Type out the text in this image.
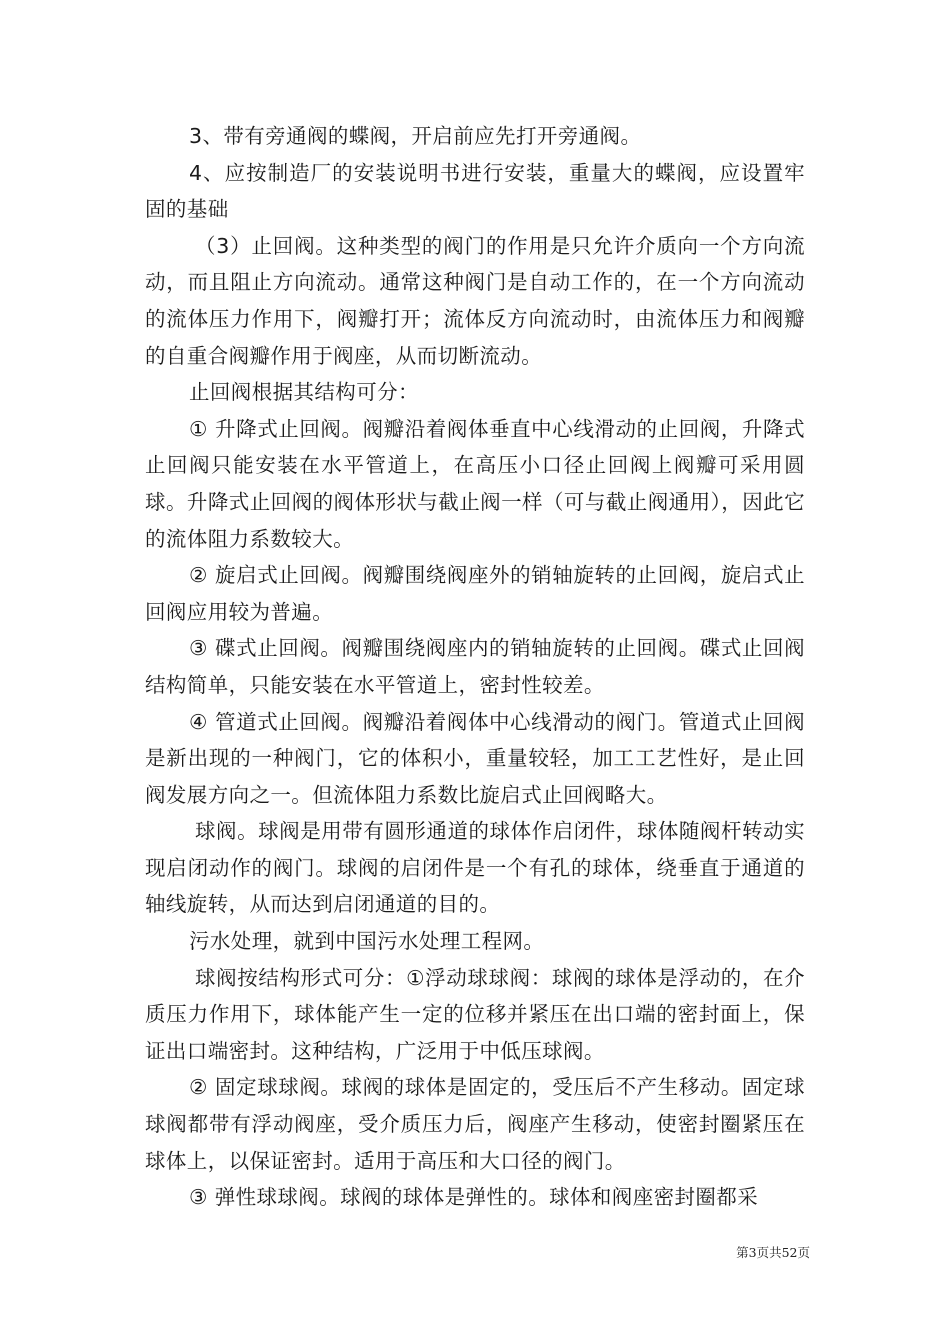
3、带有旁通阀的蝶阀，开启前应先打开旁通阀。

4、应按制造厂的安装说明书进行安装，重量大的蝶阀，应设置牢固的基础

（3）止回阀。这种类型的阀门的作用是只允许介质向一个方向流动，而且阻止方向流动。通常这种阀门是自动工作的，在一个方向流动的流体压力作用下，阀瓣打开；流体反方向流动时，由流体压力和阀瓣的自重合阀瓣作用于阀座，从而切断流动。

止回阀根据其结构可分：

① 升降式止回阀。阀瓣沿着阀体垂直中心线滑动的止回阀，升降式止回阀只能安装在水平管道上，在高压小口径止回阀上阀瓣可采用圆球。升降式止回阀的阀体形状与截止阀一样（可与截止阀通用），因此它的流体阻力系数较大。

② 旋启式止回阀。阀瓣围绕阀座外的销轴旋转的止回阀，旋启式止回阀应用较为普遍。

③ 碟式止回阀。阀瓣围绕阀座内的销轴旋转的止回阀。碟式止回阀结构简单，只能安装在水平管道上，密封性较差。

④ 管道式止回阀。阀瓣沿着阀体中心线滑动的阀门。管道式止回阀是新出现的一种阀门，它的体积小，重量较轻，加工工艺性好，是止回阀发展方向之一。但流体阻力系数比旋启式止回阀略大。

球阀。球阀是用带有圆形通道的球体作启闭件，球体随阀杆转动实现启闭动作的阀门。球阀的启闭件是一个有孔的球体，绕垂直于通道的轴线旋转，从而达到启闭通道的目的。

污水处理，就到中国污水处理工程网。

球阀按结构形式可分：①浮动球球阀：球阀的球体是浮动的，在介质压力作用下，球体能产生一定的位移并紧压在出口端的密封面上，保证出口端密封。这种结构，广泛用于中低压球阀。

② 固定球球阀。球阀的球体是固定的，受压后不产生移动。固定球球阀都带有浮动阀座，受介质压力后，阀座产生移动，使密封圈紧压在球体上，以保证密封。适用于高压和大口径的阀门。

③ 弹性球球阀。球阀的球体是弹性的。球体和阀座密封圈都采

第3页共52页
